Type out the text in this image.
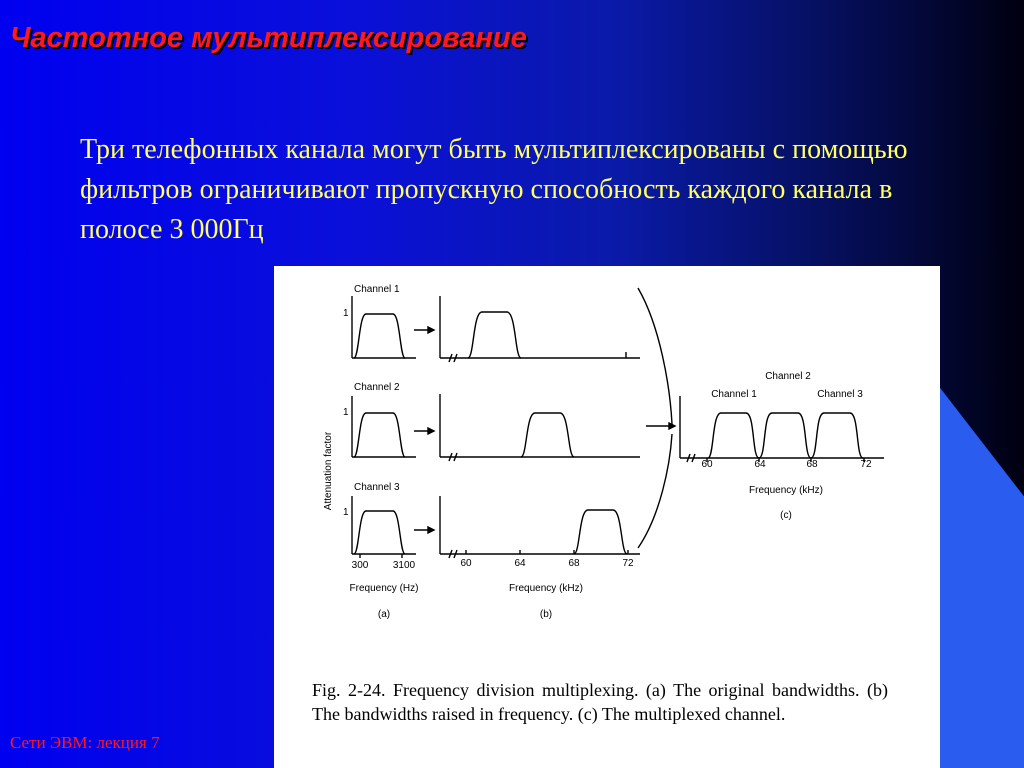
Частотное мультиплексирование

Три телефонных канала могут быть мультиплексированы с помощью фильтров ограничивают пропускную способность каждого канала в полосе 3 000Гц

Attenuation factor
Channel 1
1
Channel 2
1
Channel 3
1
300 3100
Frequency (Hz)
(a)
60	64	68	72
Frequency (kHz)
(b)
Channel 2
Channel 1	Channel 3
60	64	68	72
Frequency (kHz)
(c)

Fig. 2-24. Frequency division multiplexing. (a) The original bandwidths. (b) The bandwidths raised in frequency. (c) The multiplexed channel.

Сети ЭВМ: лекция 7
